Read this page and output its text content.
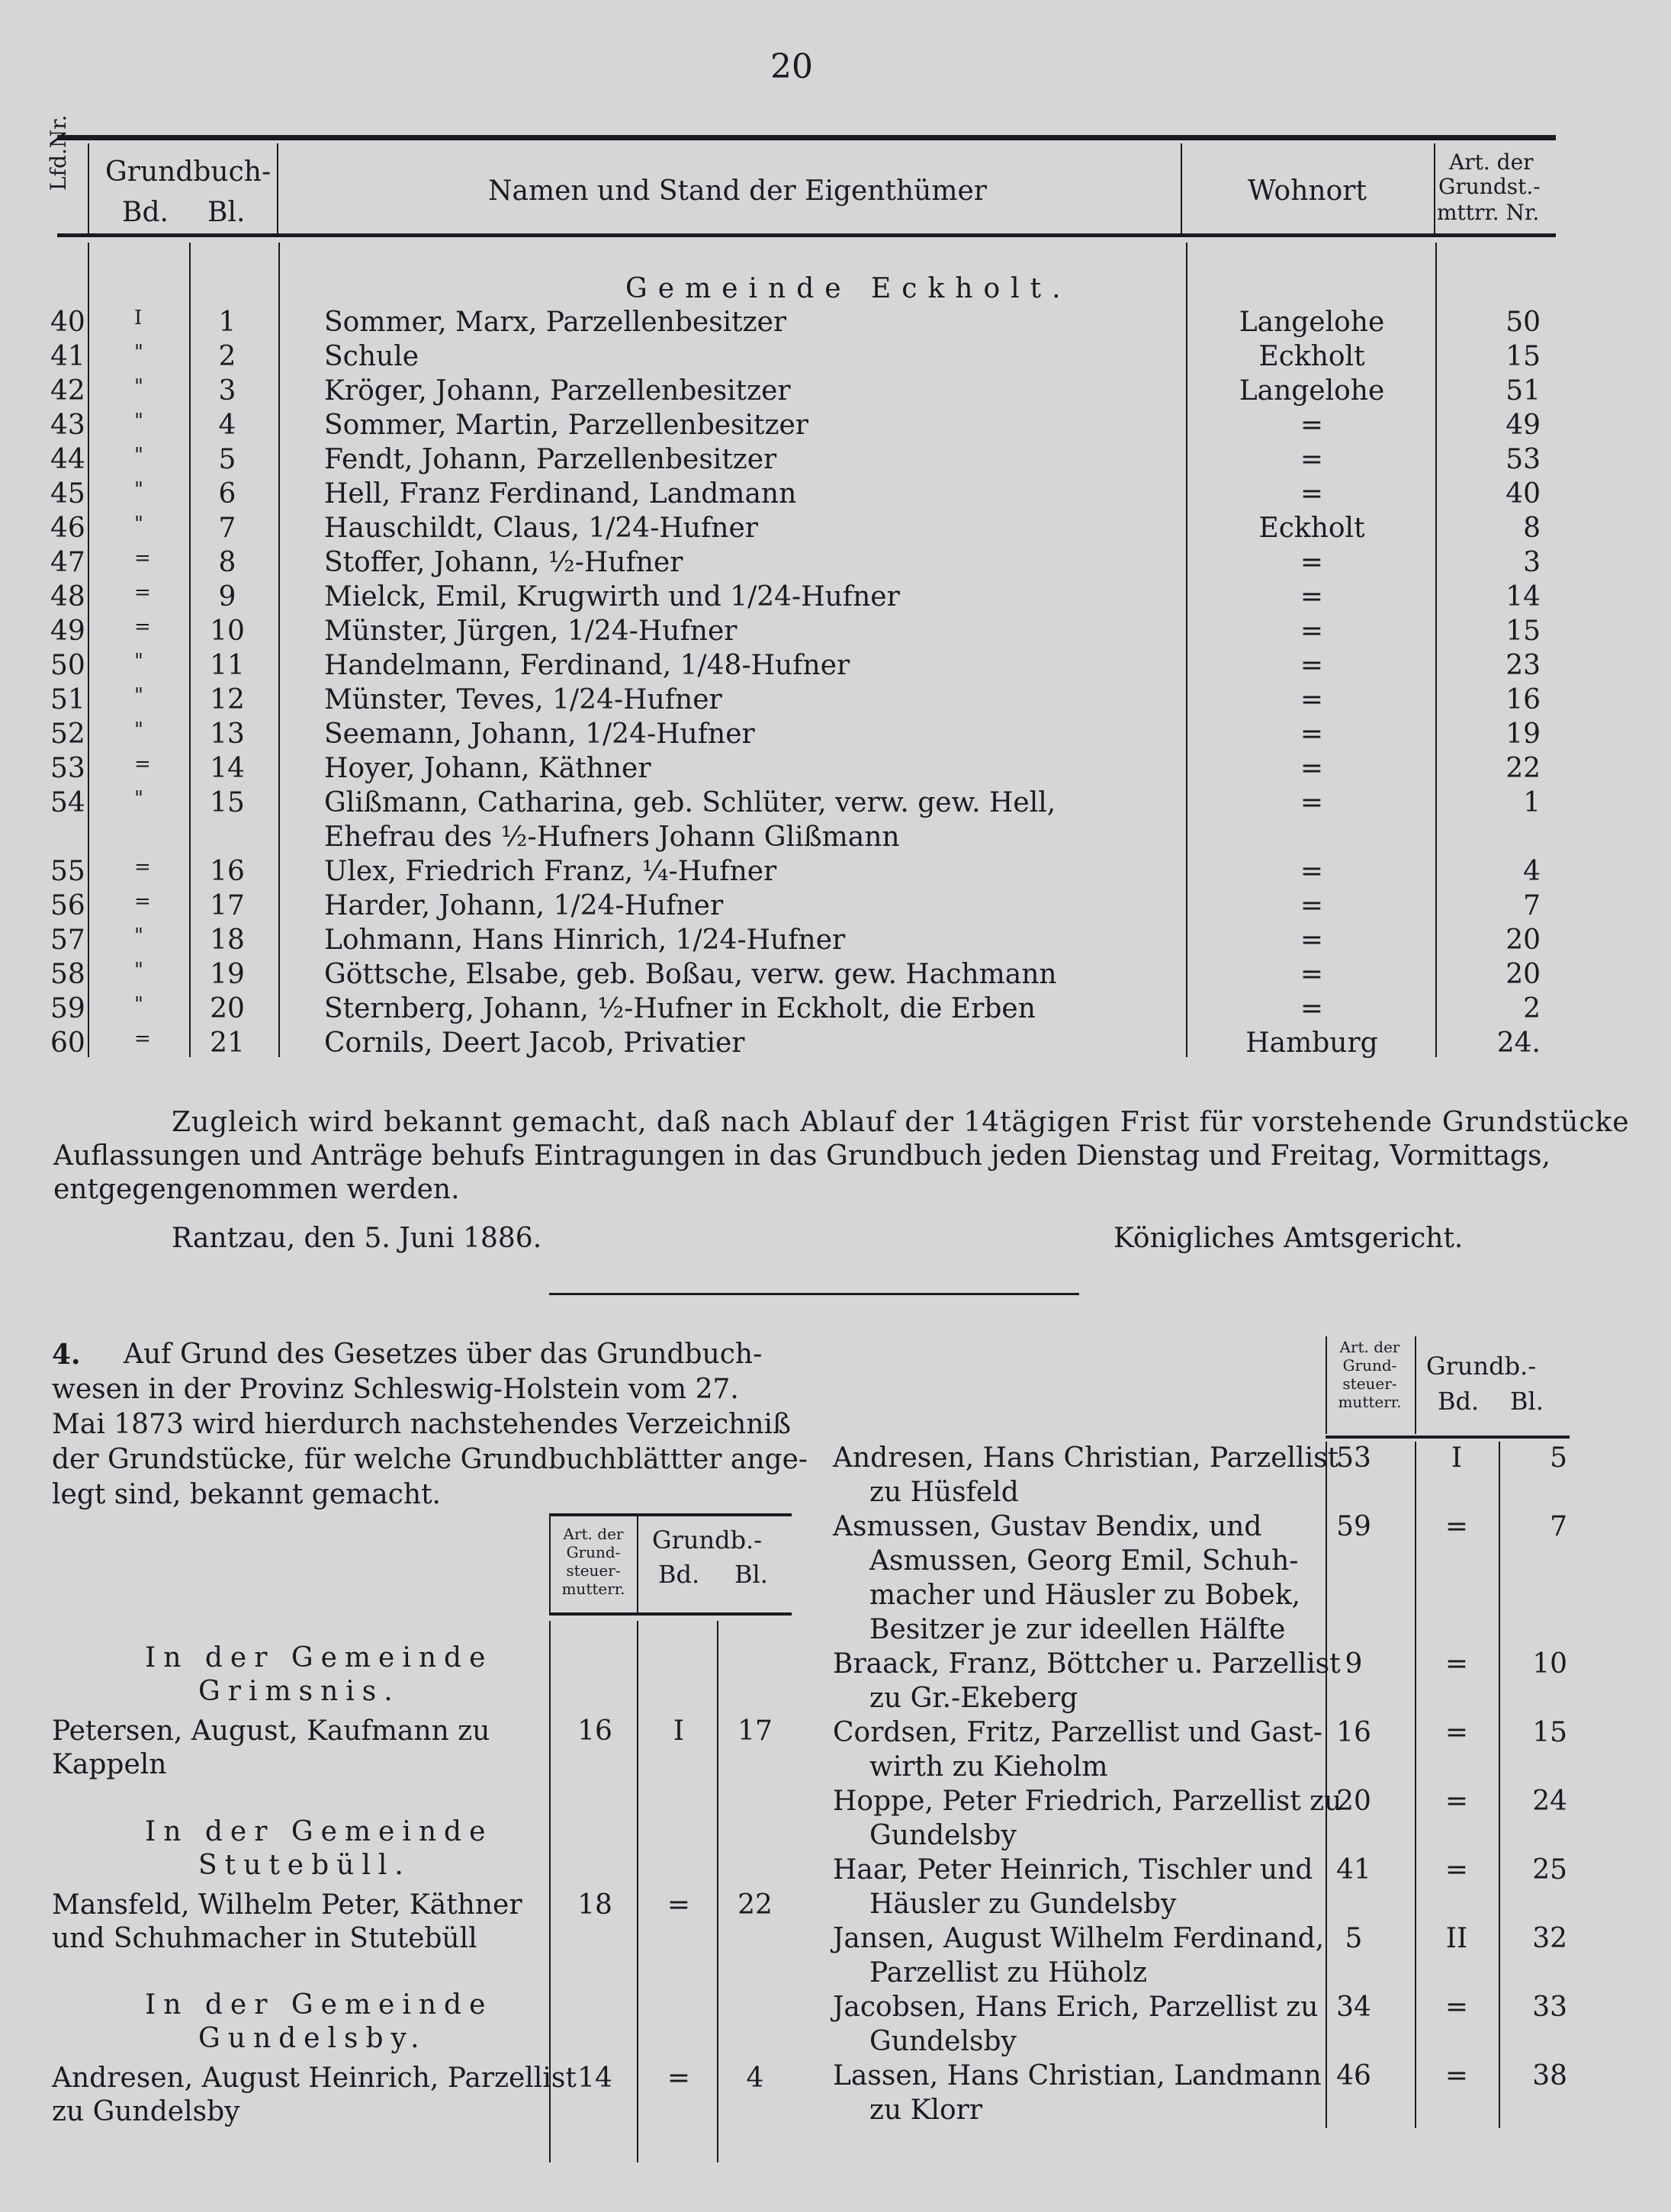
20
Lfd.Nr. Grundbuch-
Bd. Bl.
Namen und Stand der Eigenthümer	Wohnort
Art. der
Grundst.-
mttrr. Nr.
Gemeinde Eckholt.
40 I	1	Sommer, Marx, Parzellenbesitzer	Langelohe	50
41 "	2	Schule	Eckholt	15
42 "	3	Kröger, Johann, Parzellenbesitzer	Langelohe	51
43 "	4	Sommer, Martin, Parzellenbesitzer	=	49
44 "	5	Fendt, Johann, Parzellenbesitzer	=	53
45 "	6	Hell, Franz Ferdinand, Landmann	=	40
46 "	7	Hauschildt, Claus, 1/24-Hufner	Eckholt	8
47 =	8	Stoffer, Johann, ½-Hufner	=	3
48 =	9	Mielck, Emil, Krugwirth und 1/24-Hufner	=	14
49 = 10	Münster, Jürgen, 1/24-Hufner	=	15
50 " 11	Handelmann, Ferdinand, 1/48-Hufner	=	23
51 " 12	Münster, Teves, 1/24-Hufner	=	16
52 " 13	Seemann, Johann, 1/24-Hufner	=	19
53 = 14	Hoyer, Johann, Käthner	=	22
54 " 15	Glißmann, Catharina, geb. Schlüter, verw. gew. Hell,	=	1
Ehefrau des ½-Hufners Johann Glißmann
55 = 16	Ulex, Friedrich Franz, ¼-Hufner	=	4
56 = 17	Harder, Johann, 1/24-Hufner	=	7
57 " 18	Lohmann, Hans Hinrich, 1/24-Hufner	=	20
58 " 19	Göttsche, Elsabe, geb. Boßau, verw. gew. Hachmann	=	20
59 " 20	Sternberg, Johann, ½-Hufner in Eckholt, die Erben	=	2
60 = 21	Cornils, Deert Jacob, Privatier	Hamburg	24.
Zugleich wird bekannt gemacht, daß nach Ablauf der 14tägigen Frist für vorstehende Grundstücke
Auflassungen und Anträge behufs Eintragungen in das Grundbuch jeden Dienstag und Freitag, Vormittags,
entgegengenommen werden.
Rantzau, den 5. Juni 1886.	Königliches Amtsgericht.
4. Auf Grund des Gesetzes über das Grundbuch-
wesen in der Provinz Schleswig-Holstein vom 27.
Mai 1873 wird hierdurch nachstehendes Verzeichniß
der Grundstücke, für welche Grundbuchblättter ange-
legt sind, bekannt gemacht.
Art. der
Grund-
steuer-
mutterr.
Grundb.-
Bd. Bl.
In der Gemeinde
Grimsnis.
Petersen, August, Kaufmann zu
Kappeln
16	I	17
In der Gemeinde
Stutebüll.
Mansfeld, Wilhelm Peter, Käthner
und Schuhmacher in Stutebüll
18	=	22
In der Gemeinde
Gundelsby.
Andresen, August Heinrich, Parzellist
zu Gundelsby
14	=	4
Art. der
Grund-
steuer-
mutterr.
Grundb.-
Bd. Bl.
Andresen, Hans Christian, Parzellist
zu Hüsfeld
53	I	5
Asmussen, Gustav Bendix, und
Asmussen, Georg Emil, Schuh-
macher und Häusler zu Bobek,
Besitzer je zur ideellen Hälfte
59	=	7
Braack, Franz, Böttcher u. Parzellist
zu Gr.-Ekeberg
9	=	10
Cordsen, Fritz, Parzellist und Gast-
wirth zu Kieholm
16	=	15
Hoppe, Peter Friedrich, Parzellist zu
Gundelsby
20	=	24
Haar, Peter Heinrich, Tischler und
Häusler zu Gundelsby
41	=	25
Jansen, August Wilhelm Ferdinand,
Parzellist zu Hüholz
5	II	32
Jacobsen, Hans Erich, Parzellist zu
Gundelsby
34	=	33
Lassen, Hans Christian, Landmann
zu Klorr
46	=	38
